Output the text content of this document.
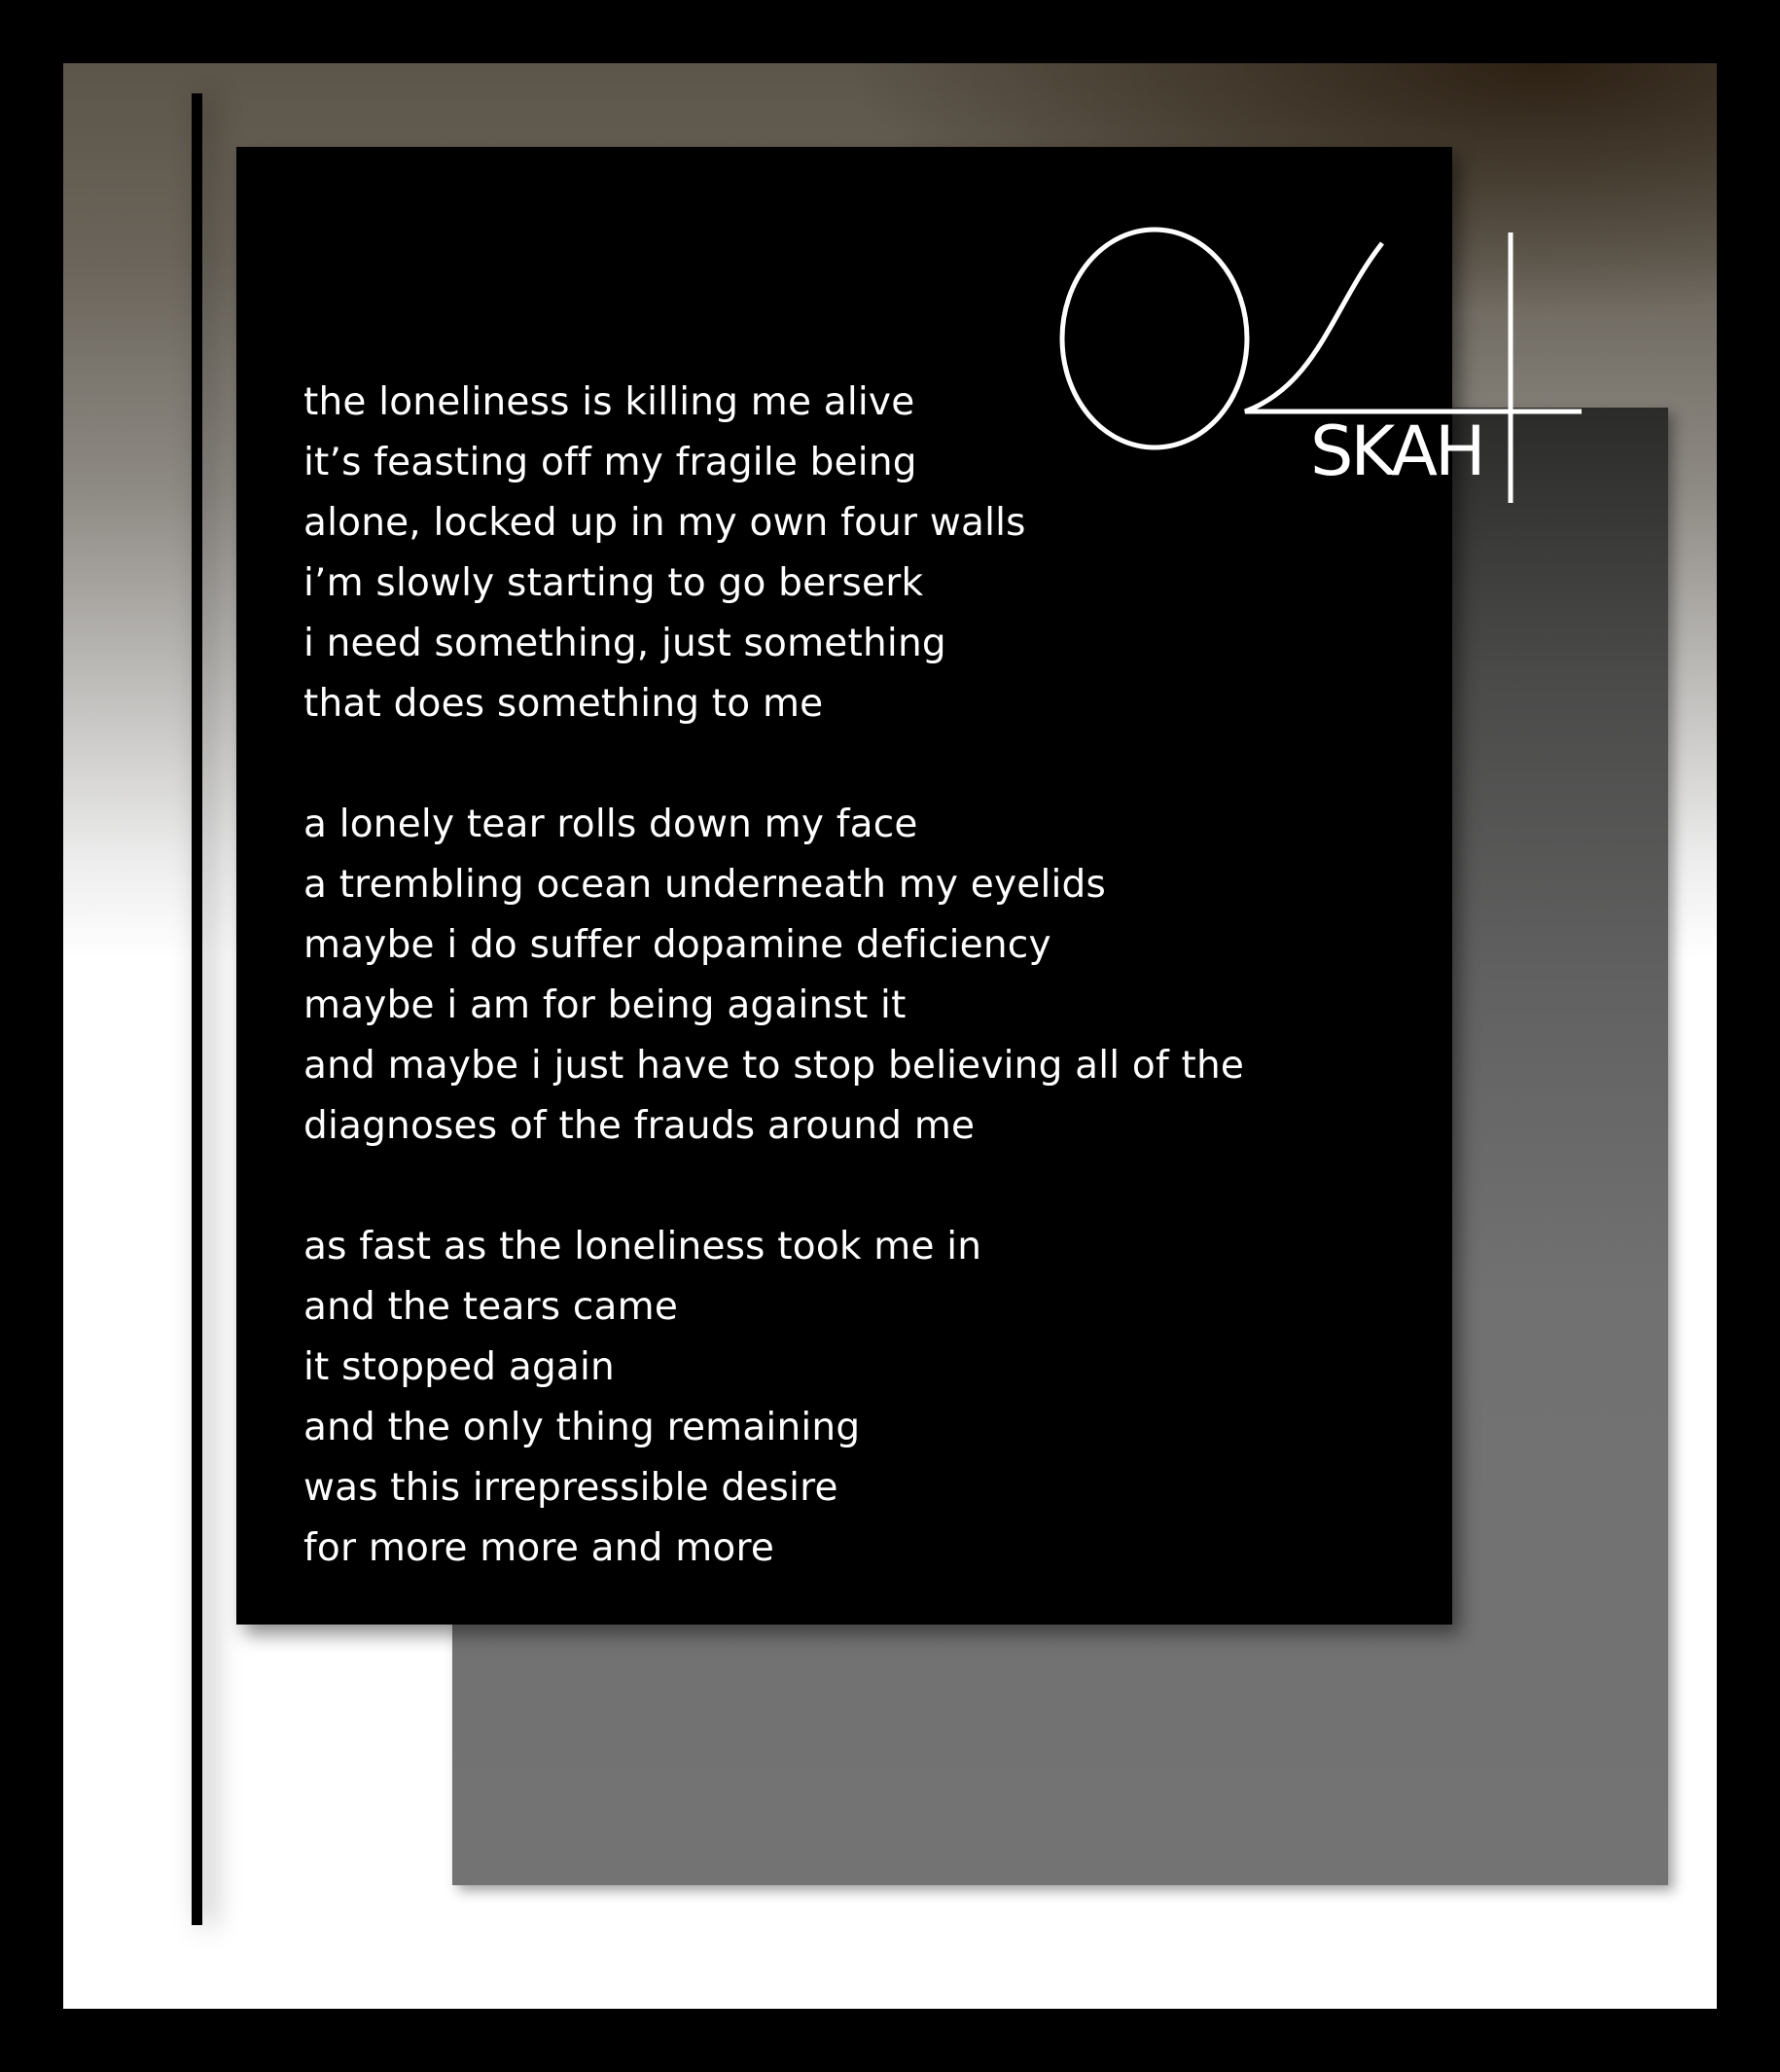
the loneliness is killing me alive
it’s feasting off my fragile being
alone, locked up in my own four walls
i’m slowly starting to go berserk
i need something, just something
that does something to me
a lonely tear rolls down my face
a trembling ocean underneath my eyelids
maybe i do suffer dopamine deficiency
maybe i am for being against it
and maybe i just have to stop believing all of the
diagnoses of the frauds around me
as fast as the loneliness took me in
and the tears came
it stopped again
and the only thing remaining
was this irrepressible desire
for more more and more
SKAH
